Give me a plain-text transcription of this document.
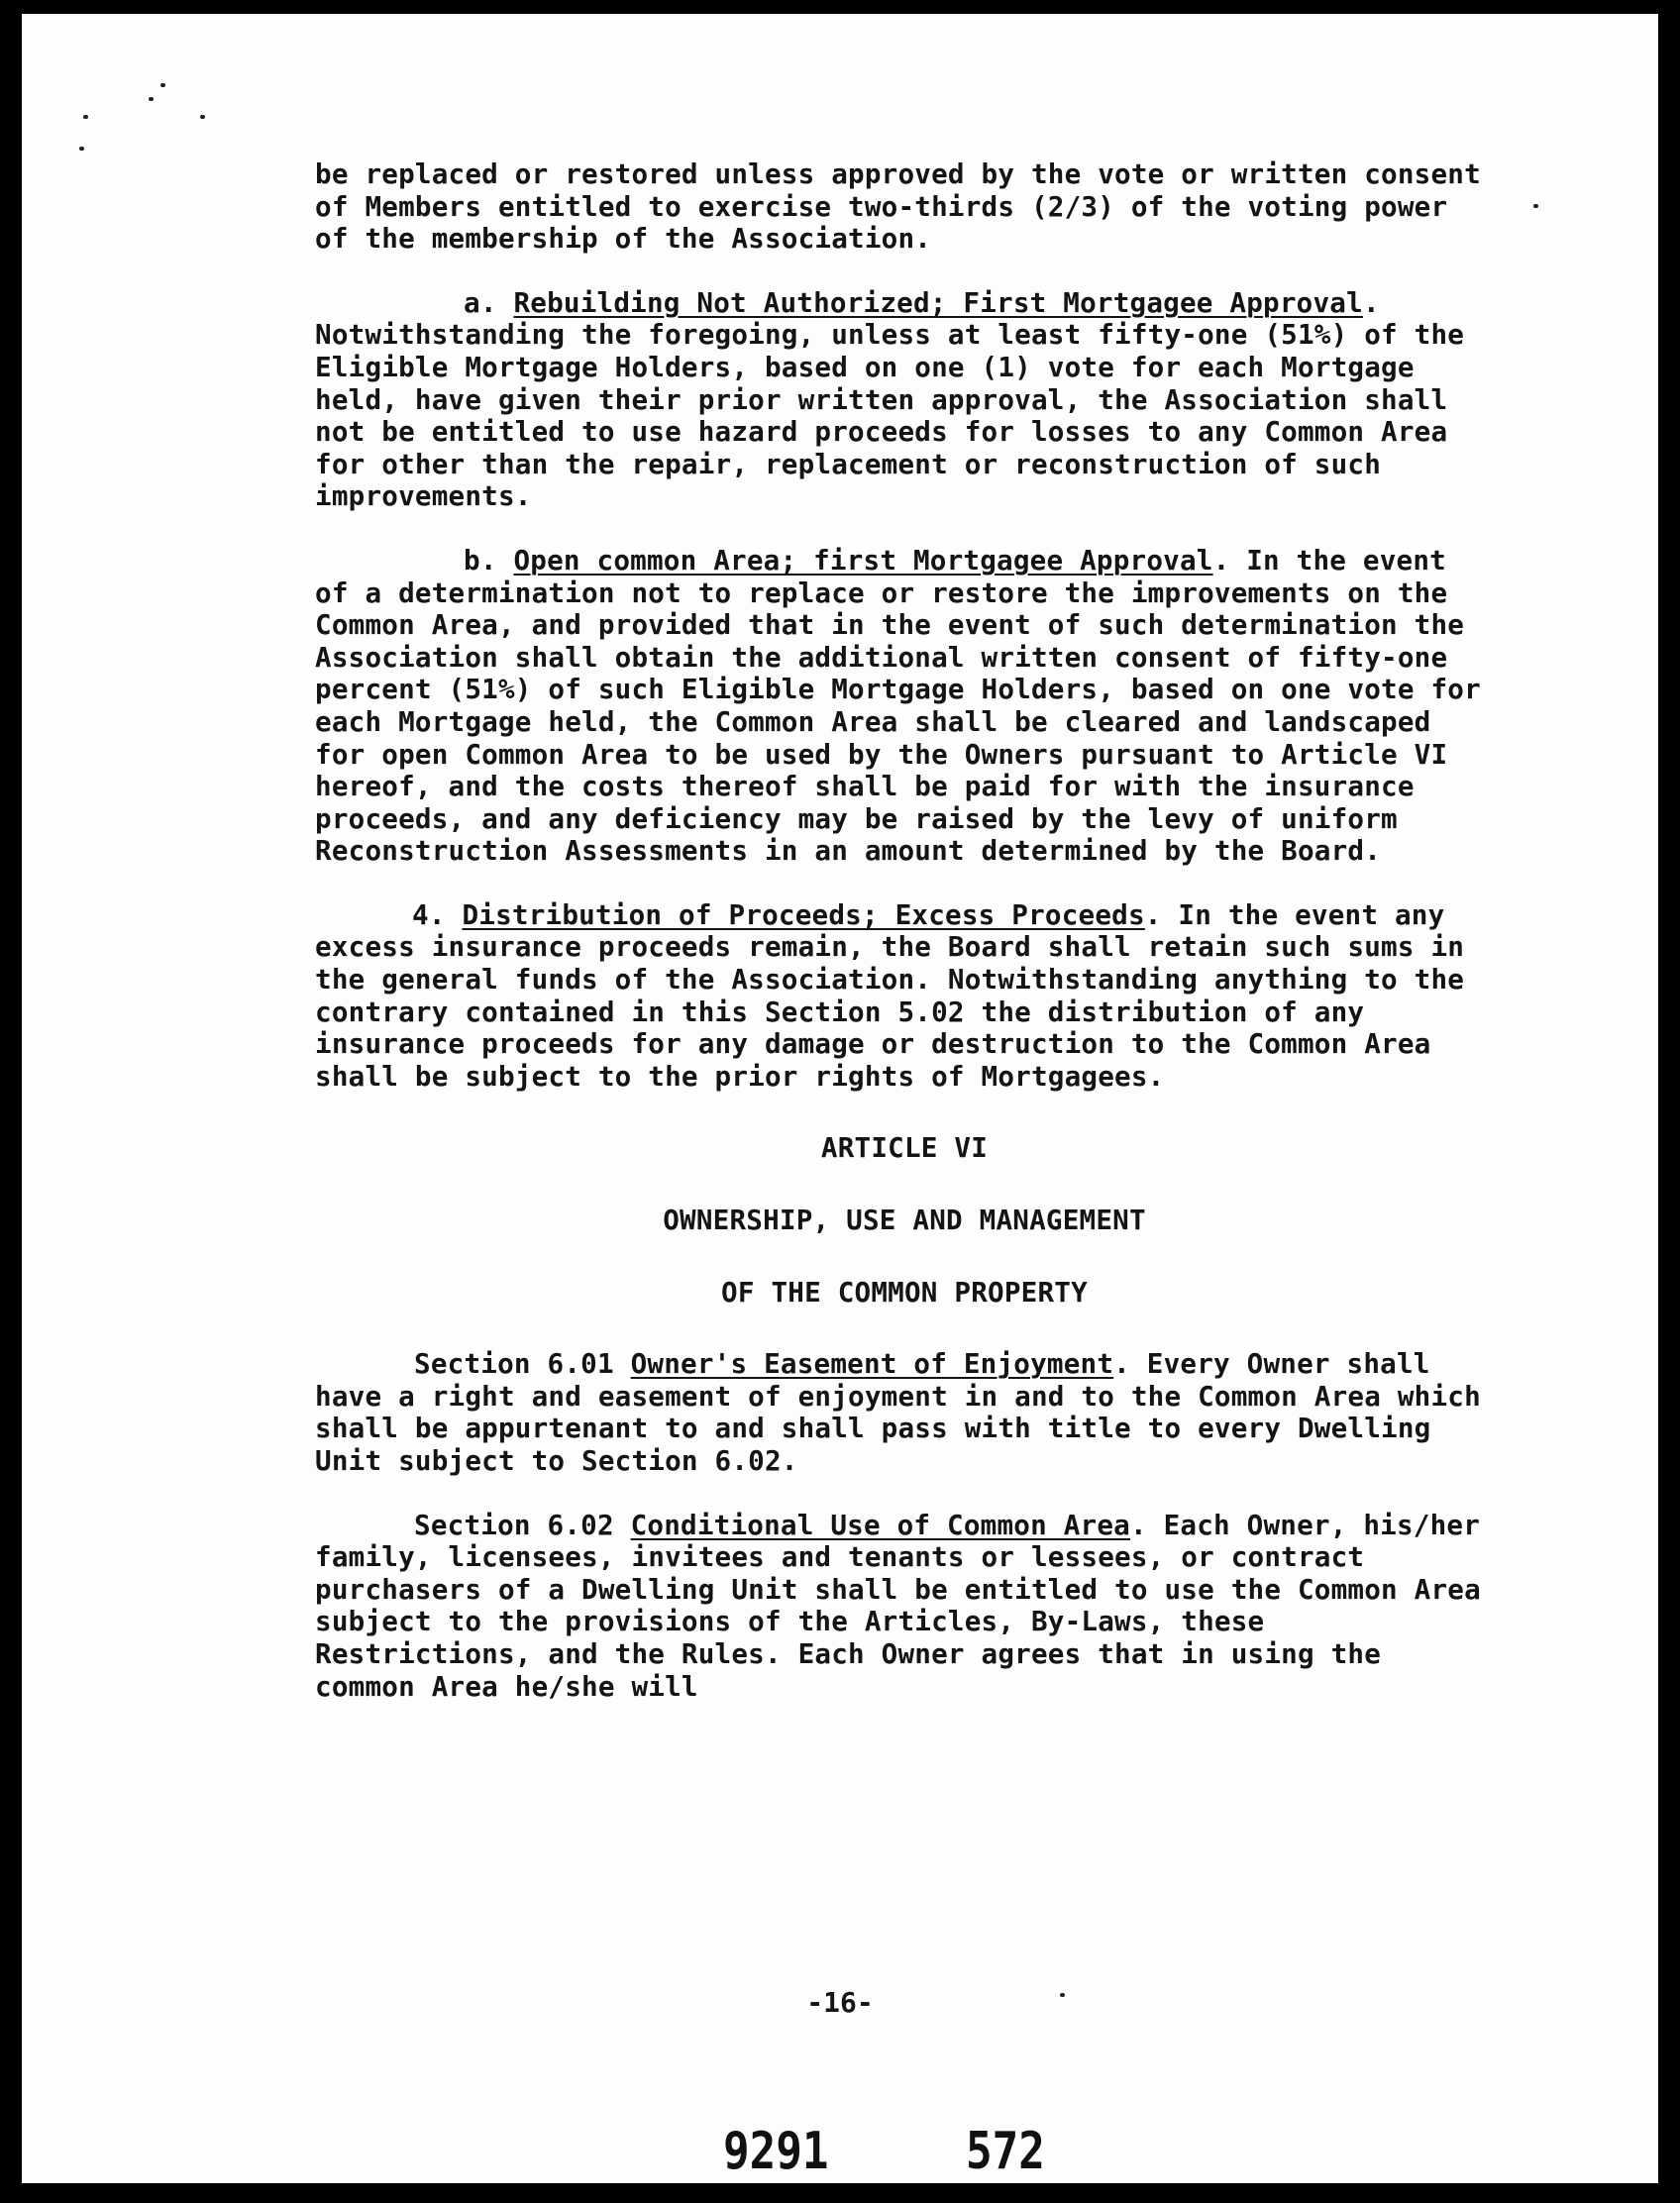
be replaced or restored unless approved by the vote or written consent of Members entitled to exercise two-thirds (2/3) of the voting power of the membership of the Association.

a. Rebuilding Not Authorized; First Mortgagee Approval. Notwithstanding the foregoing, unless at least fifty-one (51%) of the Eligible Mortgage Holders, based on one (1) vote for each Mortgage held, have given their prior written approval, the Association shall not be entitled to use hazard proceeds for losses to any Common Area for other than the repair, replacement or reconstruction of such improvements.

b. Open common Area; first Mortgagee Approval. In the event of a determination not to replace or restore the improvements on the Common Area, and provided that in the event of such determination the Association shall obtain the additional written consent of fifty-one percent (51%) of such Eligible Mortgage Holders, based on one vote for each Mortgage held, the Common Area shall be cleared and landscaped for open Common Area to be used by the Owners pursuant to Article VI hereof, and the costs thereof shall be paid for with the insurance proceeds, and any deficiency may be raised by the levy of uniform Reconstruction Assessments in an amount determined by the Board.

4. Distribution of Proceeds; Excess Proceeds. In the event any excess insurance proceeds remain, the Board shall retain such sums in the general funds of the Association. Notwithstanding anything to the contrary contained in this Section 5.02 the distribution of any insurance proceeds for any damage or destruction to the Common Area shall be subject to the prior rights of Mortgagees.

ARTICLE VI

OWNERSHIP, USE AND MANAGEMENT

OF THE COMMON PROPERTY

Section 6.01 Owner's Easement of Enjoyment. Every Owner shall have a right and easement of enjoyment in and to the Common Area which shall be appurtenant to and shall pass with title to every Dwelling Unit subject to Section 6.02.

Section 6.02 Conditional Use of Common Area. Each Owner, his/her family, licensees, invitees and tenants or lessees, or contract purchasers of a Dwelling Unit shall be entitled to use the Common Area subject to the provisions of the Articles, By-Laws, these Restrictions, and the Rules. Each Owner agrees that in using the common Area he/she will

-16-
9291	572
